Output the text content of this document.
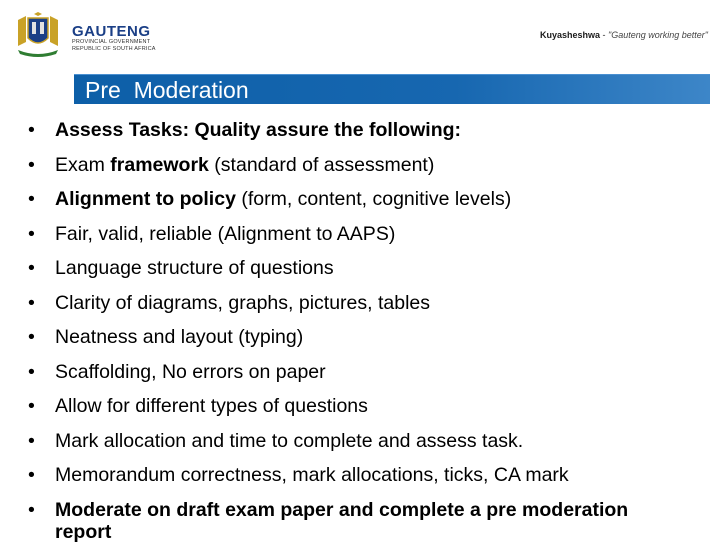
GAUTENG
PROVINCIAL GOVERNMENT
REPUBLIC OF SOUTH AFRICA
Kuyasheshwa - "Gauteng working better"
Pre  Moderation
• Assess Tasks: Quality assure the following:
• Exam framework (standard of assessment)
• Alignment to policy (form, content, cognitive levels)
• Fair, valid, reliable (Alignment to AAPS)
• Language structure of questions
• Clarity of diagrams, graphs, pictures, tables
• Neatness and layout (typing)
• Scaffolding, No errors on paper
• Allow for different types of questions
• Mark allocation and time to complete and assess task.
• Memorandum correctness, mark allocations, ticks, CA mark
• Moderate on draft exam paper and complete a pre moderation report
